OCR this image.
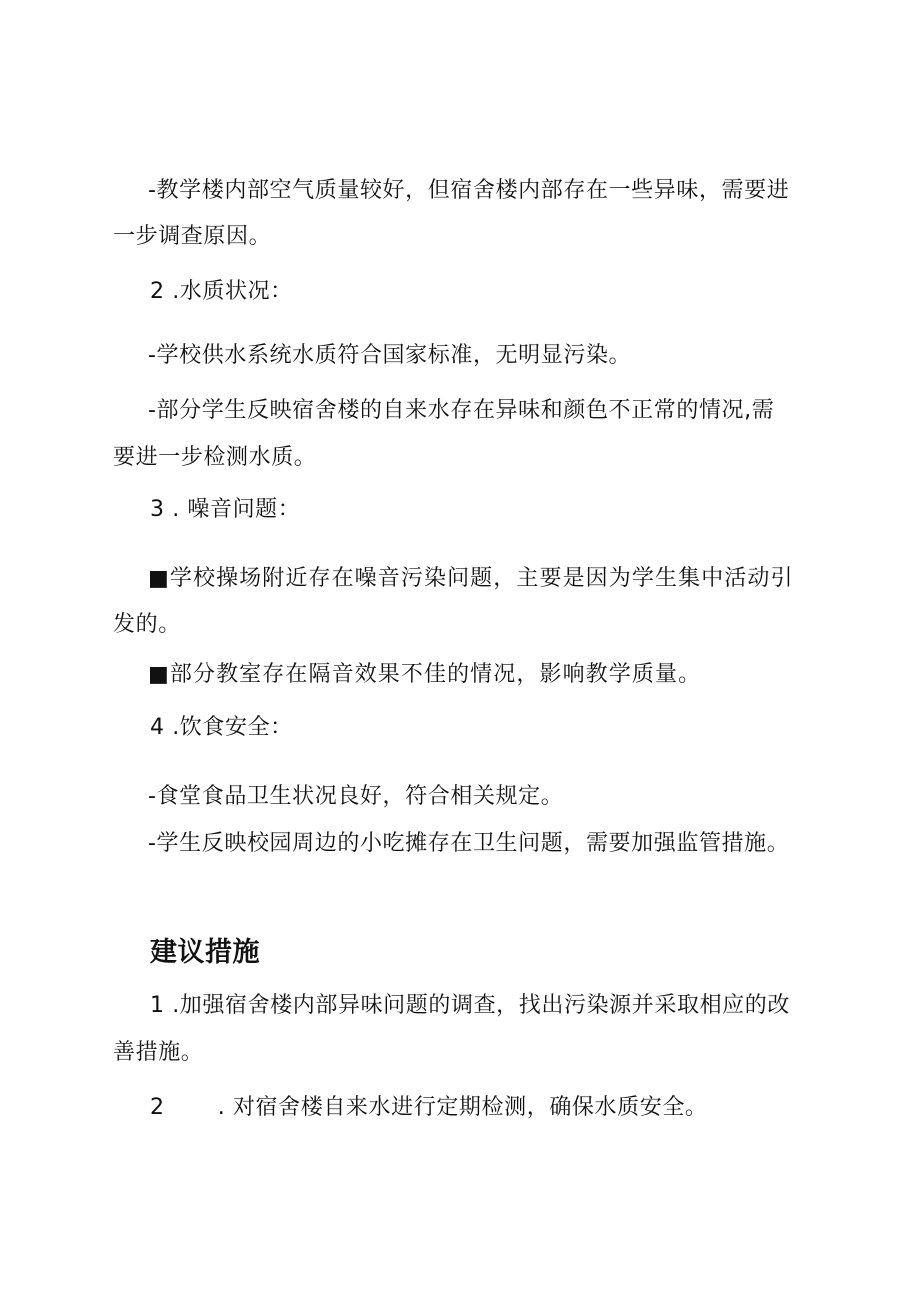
-教学楼内部空气质量较好，但宿舍楼内部存在一些异味，需要进
一步调查原因。
2 .水质状况：
-学校供水系统水质符合国家标准，无明显污染。
-部分学生反映宿舍楼的自来水存在异味和颜色不正常的情况,需
要进一步检测水质。
3 . 噪音问题：
■学校操场附近存在噪音污染问题，主要是因为学生集中活动引
发的。
■部分教室存在隔音效果不佳的情况，影响教学质量。
4 .饮食安全：
-食堂食品卫生状况良好，符合相关规定。
-学生反映校园周边的小吃摊存在卫生问题，需要加强监管措施。
建议措施
1 .加强宿舍楼内部异味问题的调查，找出污染源并采取相应的改
善措施。
2       . 对宿舍楼自来水进行定期检测，确保水质安全。
